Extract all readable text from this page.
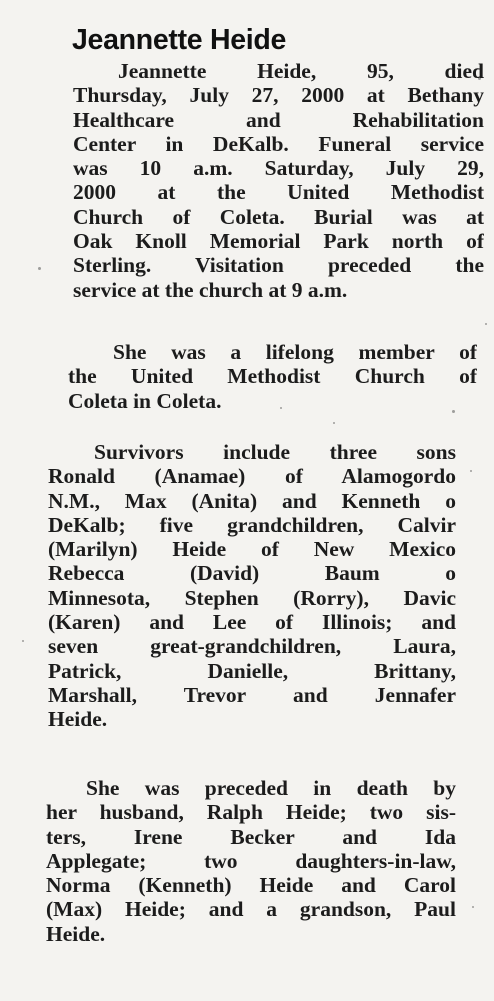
Jeannette Heide
Jeannette Heide, 95, died
Thursday, July 27, 2000 at Bethany
Healthcare and Rehabilitation
Center in DeKalb. Funeral service
was 10 a.m. Saturday, July 29,
2000 at the United Methodist
Church of Coleta. Burial was at
Oak Knoll Memorial Park north of
Sterling. Visitation preceded the
service at the church at 9 a.m.
She was a lifelong member of
the United Methodist Church of
Coleta in Coleta.
Survivors include three sons
Ronald (Anamae) of Alamogordo
N.M., Max (Anita) and Kenneth o
DeKalb; five grandchildren, Calvir
(Marilyn) Heide of New Mexico
Rebecca (David) Baum o
Minnesota, Stephen (Rorry), Davic
(Karen) and Lee of Illinois; and
seven great-grandchildren, Laura,
Patrick, Danielle, Brittany,
Marshall, Trevor and Jennafer
Heide.
She was preceded in death by
her husband, Ralph Heide; two sis-
ters, Irene Becker and Ida
Applegate; two daughters-in-law,
Norma (Kenneth) Heide and Carol
(Max) Heide; and a grandson, Paul
Heide.
